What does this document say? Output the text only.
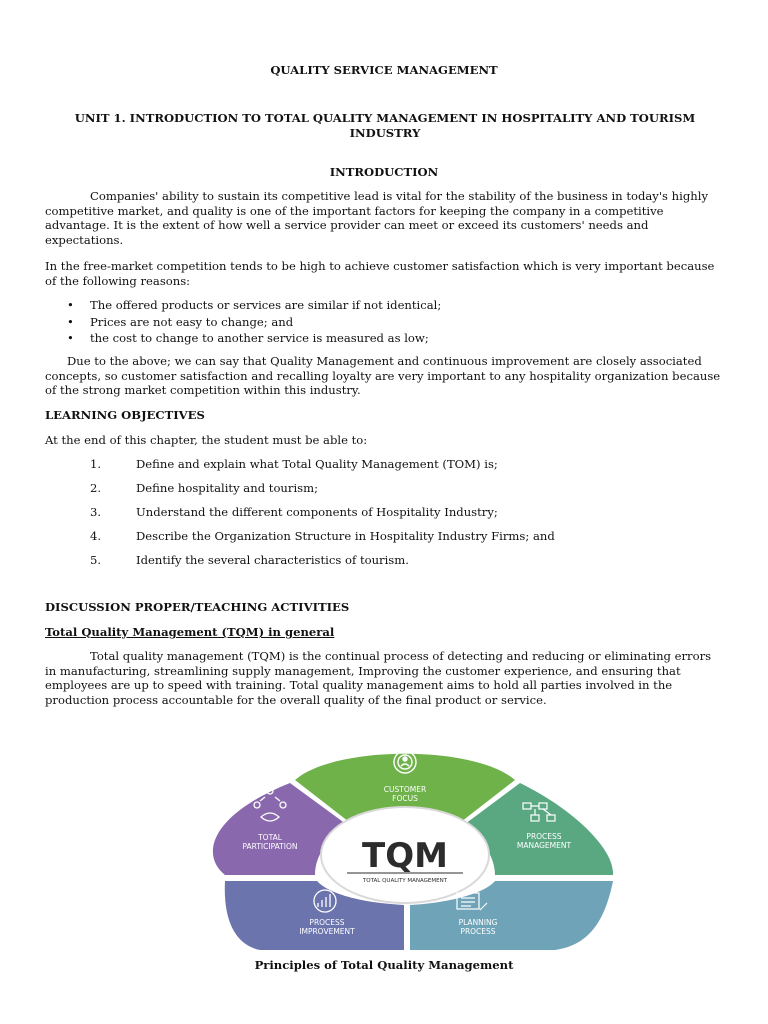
QUALITY SERVICE MANAGEMENT
UNIT 1. INTRODUCTION TO TOTAL QUALITY MANAGEMENT IN HOSPITALITY AND TOURISM INDUSTRY
INTRODUCTION

Companies' ability to sustain its competitive lead is vital for the stability of the business in today's highly competitive market, and quality is one of the important factors for keeping the company in a competitive advantage. It is the extent of how well a service provider can meet or exceed its customers' needs and expectations.

In the free-market competition tends to be high to achieve customer satisfaction which is very important because of the following reasons:

• The offered products or services are similar if not identical;
• Prices are not easy to change; and
• the cost to change to another service is measured as low;

Due to the above; we can say that Quality Management and continuous improvement are closely associated concepts, so customer satisfaction and recalling loyalty are very important to any hospitality organization because of the strong market competition within this industry.

LEARNING OBJECTIVES
At the end of this chapter, the student must be able to:
1.	Define and explain what Total Quality Management (TOM) is;
2.	Define hospitality and tourism;
3.	Understand the different components of Hospitality Industry;
4.	Describe the Organization Structure in Hospitality Industry Firms; and
5.	Identify the several characteristics of tourism.
DISCUSSION PROPER/TEACHING ACTIVITIES
Total Quality Management (TQM) in general

Total quality management (TQM) is the continual process of detecting and reducing or eliminating errors in manufacturing, streamlining supply management, Improving the customer experience, and ensuring that employees are up to speed with training. Total quality management aims to hold all parties involved in the production process accountable for the overall quality of the final product or service.

TQM
TOTAL QUALITY MANAGEMENT
CUSTOMER
FOCUS
PROCESS
MANAGEMENT
PLANNING
PROCESS
PROCESS
IMPROVEMENT
TOTAL
PARTICIPATION
Principles of Total Quality Management
